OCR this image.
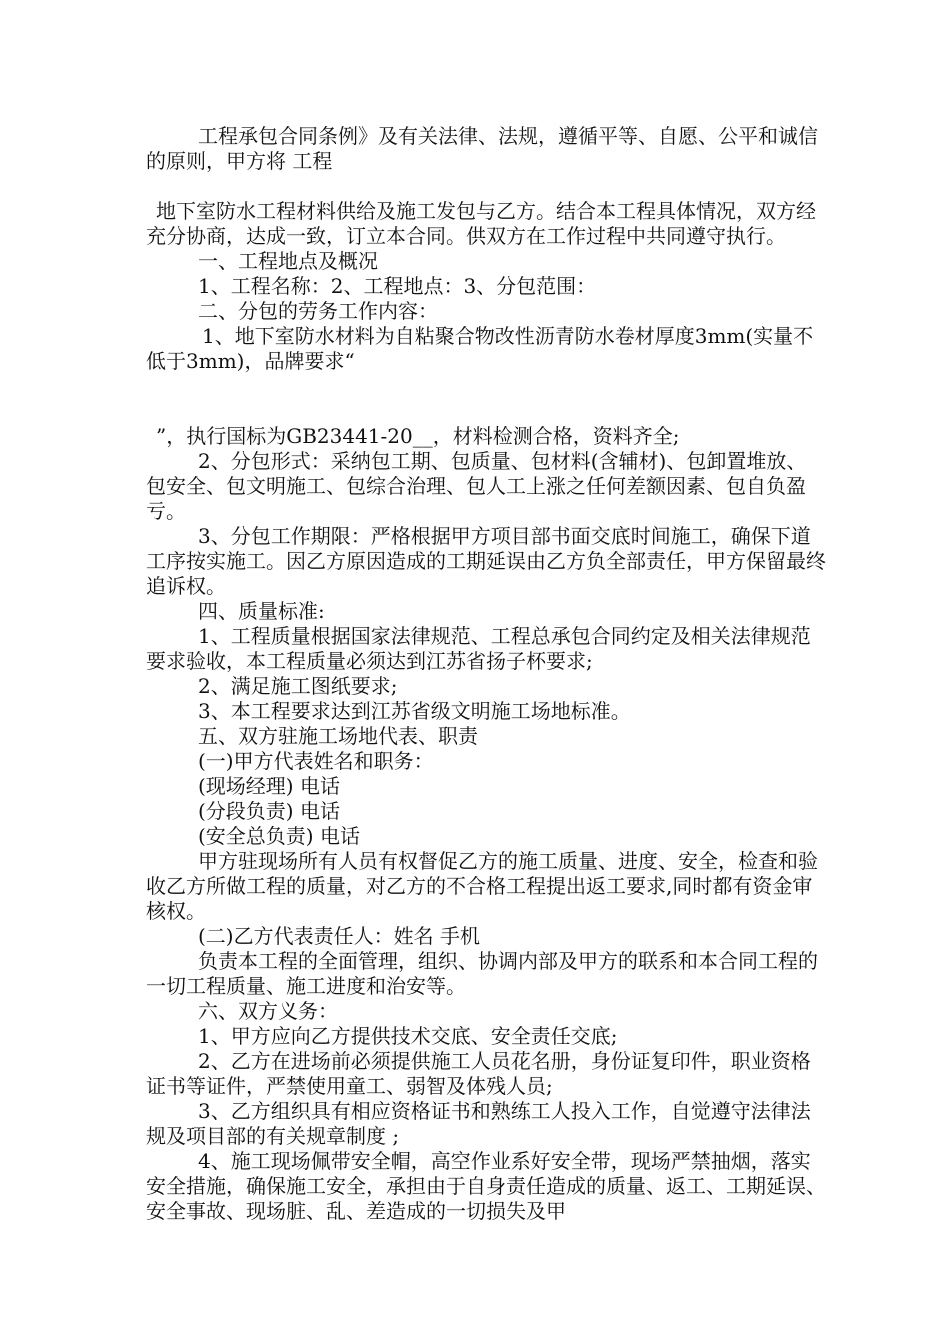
工程承包合同条例》及有关法律、法规，遵循平等、自愿、公平和诚信的原则，甲方将 工程

地下室防水工程材料供给及施工发包与乙方。结合本工程具体情况，双方经充分协商，达成一致，订立本合同。供双方在工作过程中共同遵守执行。

一、工程地点及概况

1、工程名称：2、工程地点：3、分包范围：

二、分包的劳务工作内容：

1、地下室防水材料为自粘聚合物改性沥青防水卷材厚度3mm(实量不低于3mm)，品牌要求“

”，执行国标为GB23441-20__，材料检测合格，资料齐全;

2、分包形式：采纳包工期、包质量、包材料(含辅材)、包卸置堆放、包安全、包文明施工、包综合治理、包人工上涨之任何差额因素、包自负盈亏。

3、分包工作期限：严格根据甲方项目部书面交底时间施工，确保下道工序按实施工。因乙方原因造成的工期延误由乙方负全部责任，甲方保留最终追诉权。

四、质量标准:

1、工程质量根据国家法律规范、工程总承包合同约定及相关法律规范要求验收，本工程质量必须达到江苏省扬子杯要求;

2、满足施工图纸要求;

3、本工程要求达到江苏省级文明施工场地标准。

五、双方驻施工场地代表、职责

(一)甲方代表姓名和职务：

(现场经理) 电话

(分段负责) 电话

(安全总负责) 电话

甲方驻现场所有人员有权督促乙方的施工质量、进度、安全，检查和验收乙方所做工程的质量，对乙方的不合格工程提出返工要求,同时都有资金审核权。

(二)乙方代表责任人：姓名 手机

负责本工程的全面管理，组织、协调内部及甲方的联系和本合同工程的一切工程质量、施工进度和治安等。

六、双方义务：

1、甲方应向乙方提供技术交底、安全责任交底;

2、乙方在进场前必须提供施工人员花名册，身份证复印件，职业资格证书等证件，严禁使用童工、弱智及体残人员;

3、乙方组织具有相应资格证书和熟练工人投入工作，自觉遵守法律法规及项目部的有关规章制度 ;

4、施工现场佩带安全帽，高空作业系好安全带，现场严禁抽烟，落实安全措施，确保施工安全，承担由于自身责任造成的质量、返工、工期延误、安全事故、现场脏、乱、差造成的一切损失及甲
